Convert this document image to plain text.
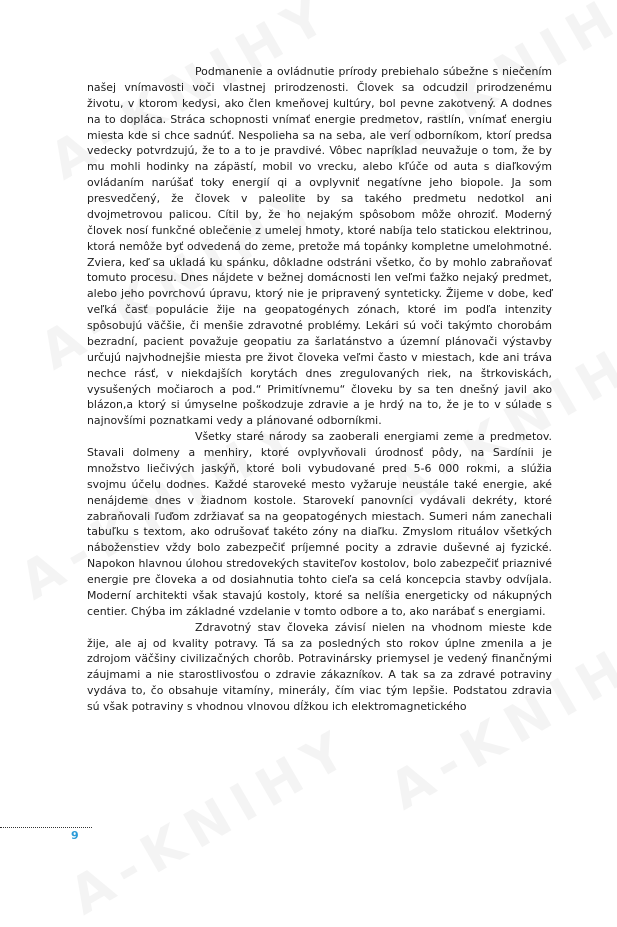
Podmanenie a ovládnutie prírody prebiehalo súbežne s niečením našej vnímavosti voči vlastnej prirodzenosti. Človek sa odcudzil prirodzenému životu, v ktorom kedysi, ako člen kmeňovej kultúry, bol pevne zakotvený. A dodnes na to dopláca. Stráca schopnosti vnímať energie predmetov, rastlín, vnímať energiu miesta kde si chce sadnúť. Nespolieha sa na seba, ale verí odborníkom, ktorí predsa vedecky potvrdzujú, že to a to je pravdivé. Vôbec napríklad neuvažuje o tom, že by mu mohli hodinky na zápästí, mobil vo vrecku, alebo kľúče od auta s diaľkovým ovládaním narúšať toky energií qi a ovplyvniť negatívne jeho biopole. Ja som presvedčený, že človek v paleolite by sa takého predmetu nedotkol ani dvojmetrovou palicou. Cítil by, že ho nejakým spôsobom môže ohroziť. Moderný človek nosí funkčné oblečenie z umelej hmoty, ktoré nabíja telo statickou elektrinou, ktorá nemôže byť odvedená do zeme, pretože má topánky kompletne umelohmotné. Zviera, keď sa ukladá ku spánku, dôkladne odstráni všetko, čo by mohlo zabraňovať tomuto procesu. Dnes nájdete v bežnej domácnosti len veľmi ťažko nejaký predmet, alebo jeho povrchovú úpravu, ktorý nie je pripravený synteticky. Žijeme v dobe, keď veľká časť populácie žije na geopatogénych zónach, ktoré im podľa intenzity spôsobujú väčšie, či menšie zdravotné problémy. Lekári sú voči takýmto chorobám bezradní, pacient považuje geopatiu za šarlatánstvo a územní plánovači výstavby určujú najvhodnejšie miesta pre život človeka veľmi často v miestach, kde ani tráva nechce rásť, v niekdajších korytách dnes zregulovaných riek, na štrkoviskách, vysušených močiaroch a pod.“ Primitívnemu“ človeku by sa ten dnešný javil ako blázon,a ktorý si úmyselne poškodzuje zdravie a je hrdý na to, že je to v súlade s najnovšími poznatkami vedy a plánované odborníkmi.

Všetky staré národy sa zaoberali energiami zeme a predmetov. Stavali dolmeny a menhiry, ktoré ovplyvňovali úrodnosť pôdy, na Sardínii je množstvo liečivých jaskýň, ktoré boli vybudované pred 5-6 000 rokmi, a slúžia svojmu účelu dodnes. Každé staroveké mesto vyžaruje neustále také energie, aké nenájdeme dnes v žiadnom kostole. Starovekí panovníci vydávali dekréty, ktoré zabraňovali ľuďom zdržiavať sa na geopatogénych miestach. Sumeri nám zanechali tabuľku s textom, ako odrušovať takéto zóny na diaľku. Zmyslom rituálov všetkých náboženstiev vždy bolo zabezpečiť príjemné pocity a zdravie duševné aj fyzické. Napokon hlavnou úlohou stredovekých staviteľov kostolov, bolo zabezpečiť priaznivé energie pre človeka a od dosiahnutia tohto cieľa sa celá koncepcia stavby odvíjala. Moderní architekti však stavajú kostoly, ktoré sa nelíšia energeticky od nákupných centier. Chýba im základné vzdelanie v tomto odbore a to, ako narábať s energiami.

Zdravotný stav človeka závisí nielen na vhodnom mieste kde žije, ale aj od kvality potravy. Tá sa za posledných sto rokov úplne zmenila a je zdrojom väčšiny civilizačných chorôb. Potravinársky priemysel je vedený finančnými záujmami a nie starostlivosťou o zdravie zákazníkov. A tak sa za zdravé potraviny vydáva to, čo obsahuje vitamíny, minerály, čím viac tým lepšie. Podstatou zdravia sú však potraviny s vhodnou vlnovou dĺžkou ich elektromagnetického

9
